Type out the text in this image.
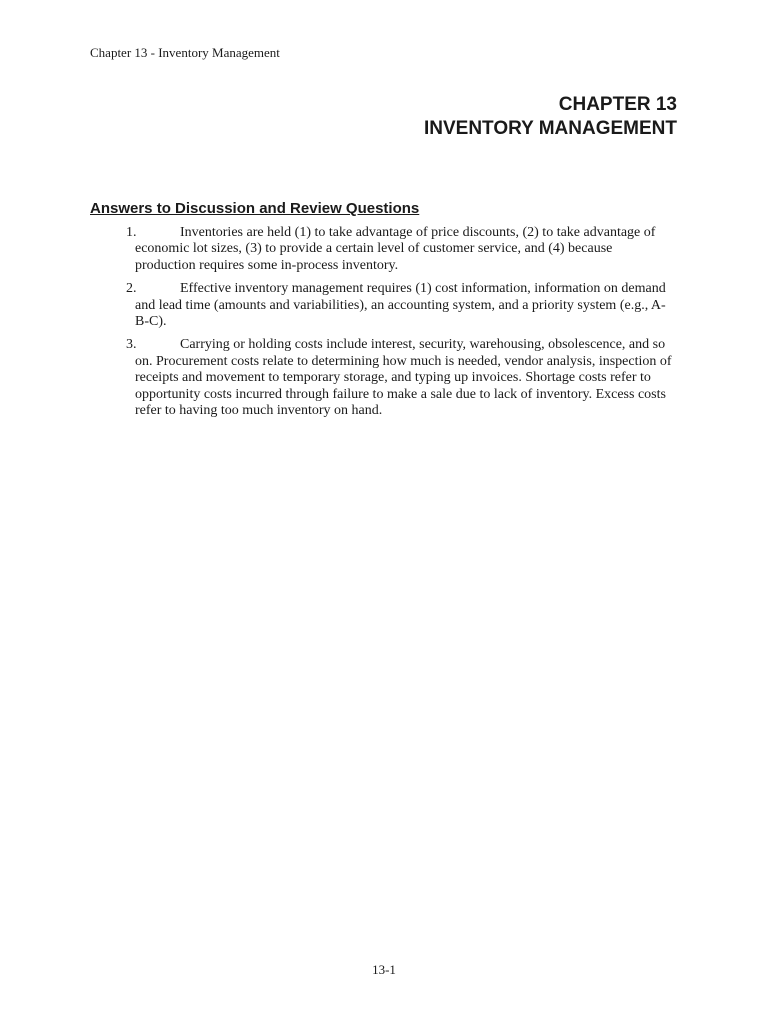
Chapter 13 - Inventory Management
CHAPTER 13
INVENTORY MANAGEMENT
Answers to Discussion and Review Questions
1.	Inventories are held (1) to take advantage of price discounts, (2) to take advantage of economic lot sizes, (3) to provide a certain level of customer service, and (4) because production requires some in-process inventory.
2.	Effective inventory management requires (1) cost information, information on demand and lead time (amounts and variabilities), an accounting system, and a priority system (e.g., A-B-C).
3.	Carrying or holding costs include interest, security, warehousing, obsolescence, and so on. Procurement costs relate to determining how much is needed, vendor analysis, inspection of receipts and movement to temporary storage, and typing up invoices. Shortage costs refer to opportunity costs incurred through failure to make a sale due to lack of inventory. Excess costs refer to having too much inventory on hand.
13-1
